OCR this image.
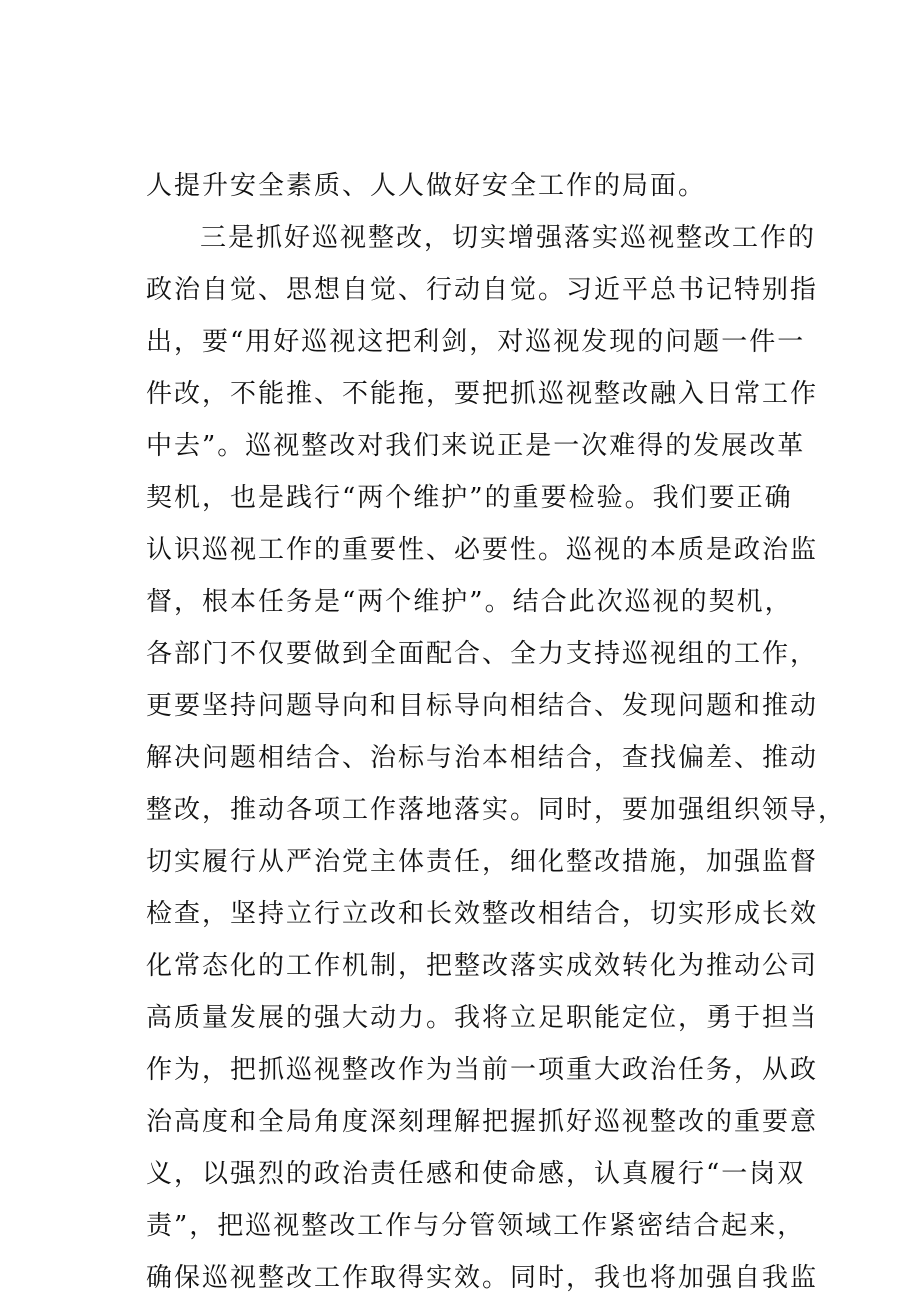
人提升安全素质、人人做好安全工作的局面。
三是抓好巡视整改，切实增强落实巡视整改工作的
政治自觉、思想自觉、行动自觉。习近平总书记特别指
出，要“用好巡视这把利剑，对巡视发现的问题一件一
件改，不能推、不能拖，要把抓巡视整改融入日常工作
中去”。巡视整改对我们来说正是一次难得的发展改革
契机，也是践行“两个维护”的重要检验。我们要正确
认识巡视工作的重要性、必要性。巡视的本质是政治监
督，根本任务是“两个维护”。结合此次巡视的契机，
各部门不仅要做到全面配合、全力支持巡视组的工作，
更要坚持问题导向和目标导向相结合、发现问题和推动
解决问题相结合、治标与治本相结合，查找偏差、推动
整改，推动各项工作落地落实。同时，要加强组织领导，
切实履行从严治党主体责任，细化整改措施，加强监督
检查，坚持立行立改和长效整改相结合，切实形成长效
化常态化的工作机制，把整改落实成效转化为推动公司
高质量发展的强大动力。我将立足职能定位，勇于担当
作为，把抓巡视整改作为当前一项重大政治任务，从政
治高度和全局角度深刻理解把握抓好巡视整改的重要意
义，以强烈的政治责任感和使命感，认真履行“一岗双
责”，把巡视整改工作与分管领域工作紧密结合起来，
确保巡视整改工作取得实效。同时，我也将加强自我监
